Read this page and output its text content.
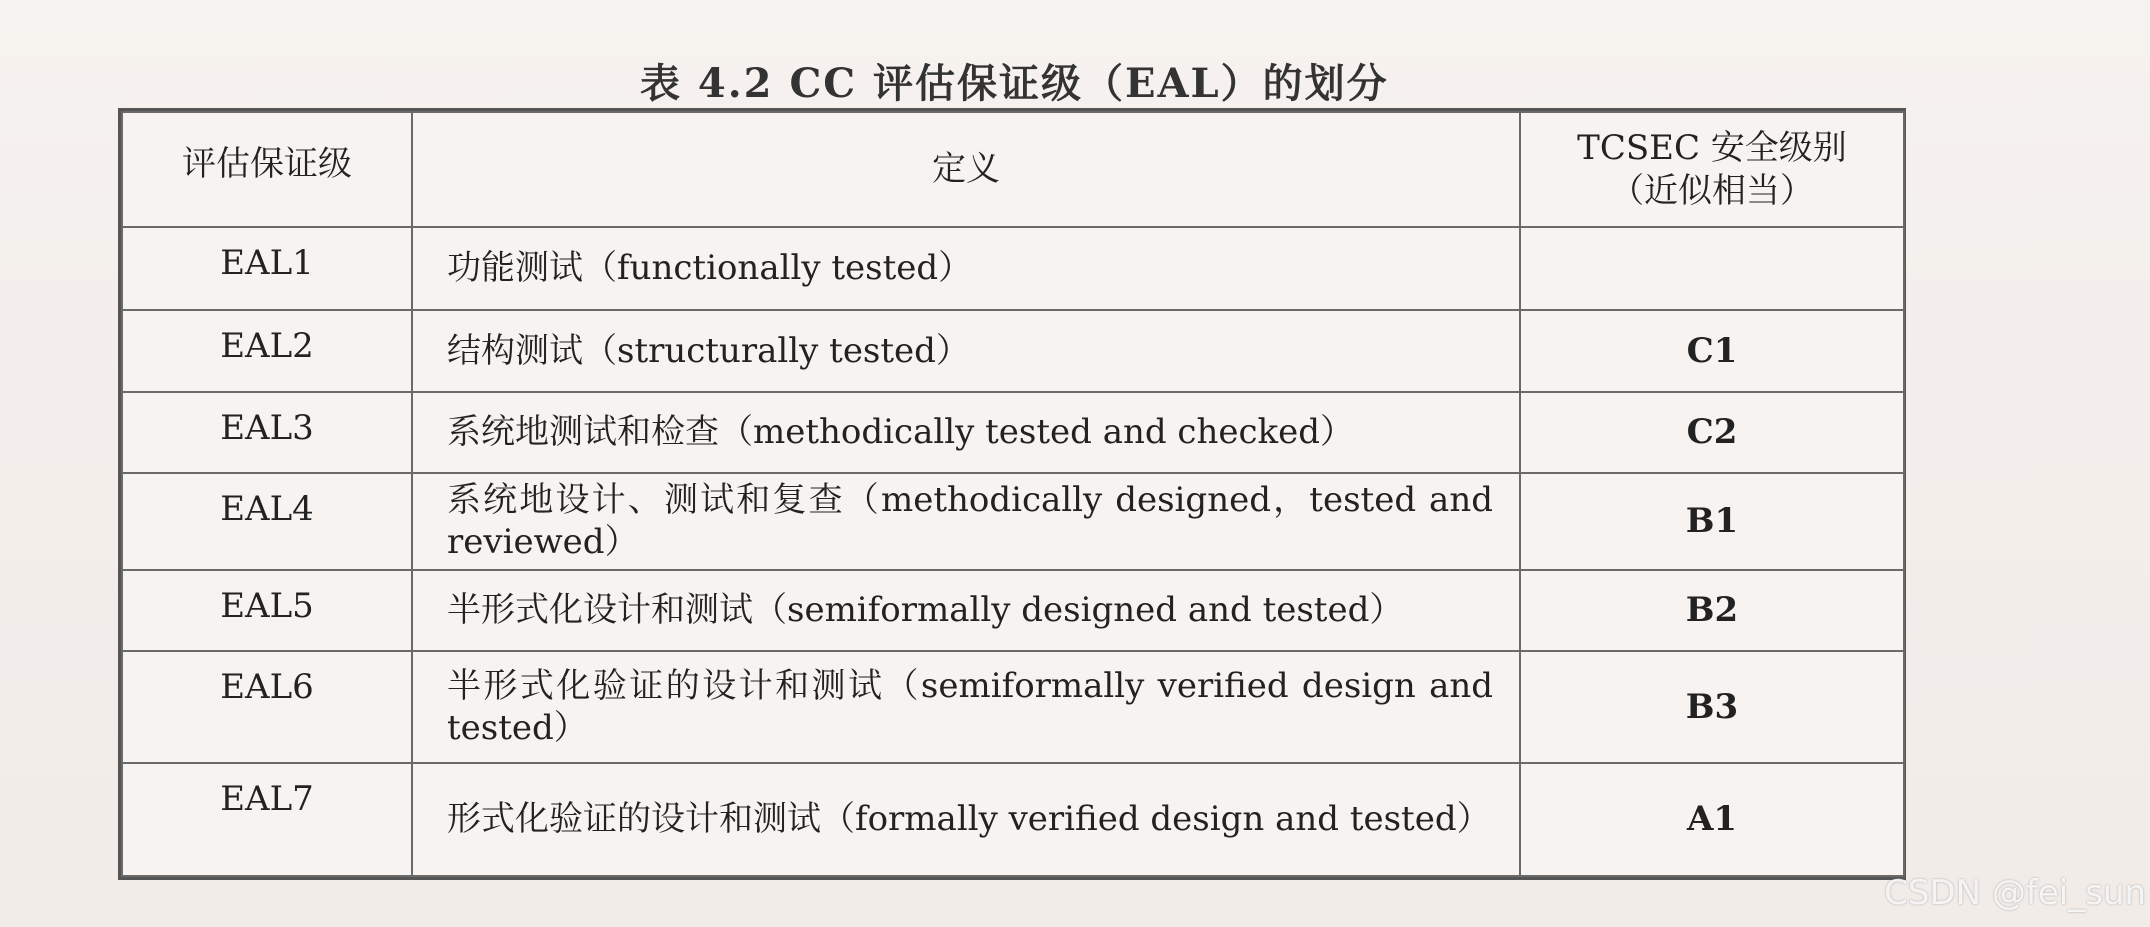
表 4.2 CC 评估保证级（EAL）的划分
评估保证级	定义	TCSEC 安全级别
（近似相当）

EAL1	功能测试（functionally tested）	
EAL2	结构测试（structurally tested）	C1
EAL3	系统地测试和检查（methodically tested and checked）	C2
EAL4	系统地设计、测试和复查（methodically designed，tested and reviewed）	B1
EAL5	半形式化设计和测试（semiformally designed and tested）	B2
EAL6	半形式化验证的设计和测试（semiformally verified design and tested）	B3
EAL7	形式化验证的设计和测试（formally verified design and tested）	A1
CSDN @fei_sun
